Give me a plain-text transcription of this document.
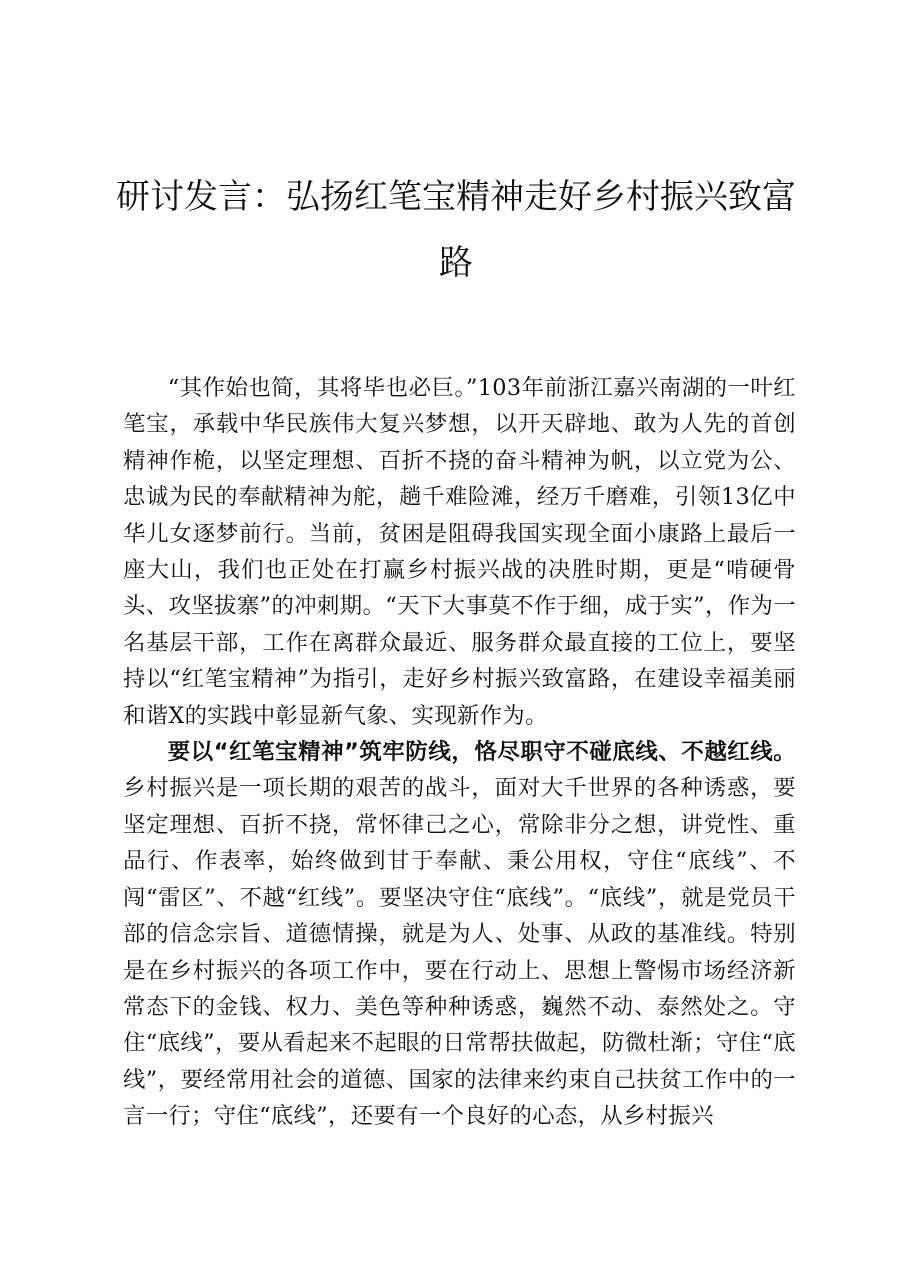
研讨发言：弘扬红笔宝精神走好乡村振兴致富路

“其作始也简，其将毕也必巨。”103年前浙江嘉兴南湖的一叶红笔宝，承载中华民族伟大复兴梦想，以开天辟地、敢为人先的首创精神作桅，以坚定理想、百折不挠的奋斗精神为帆，以立党为公、忠诚为民的奉献精神为舵，趟千难险滩，经万千磨难，引领13亿中华儿女逐梦前行。当前，贫困是阻碍我国实现全面小康路上最后一座大山，我们也正处在打赢乡村振兴战的决胜时期，更是“啃硬骨头、攻坚拔寨”的冲刺期。“天下大事莫不作于细，成于实”，作为一名基层干部，工作在离群众最近、服务群众最直接的工位上，要坚持以“红笔宝精神”为指引，走好乡村振兴致富路，在建设幸福美丽和谐X的实践中彰显新气象、实现新作为。

要以“红笔宝精神”筑牢防线，恪尽职守不碰底线、不越红线。乡村振兴是一项长期的艰苦的战斗，面对大千世界的各种诱惑，要坚定理想、百折不挠，常怀律己之心，常除非分之想，讲党性、重品行、作表率，始终做到甘于奉献、秉公用权，守住“底线”、不闯“雷区”、不越“红线”。要坚决守住“底线”。“底线”，就是党员干部的信念宗旨、道德情操，就是为人、处事、从政的基准线。特别是在乡村振兴的各项工作中，要在行动上、思想上警惕市场经济新常态下的金钱、权力、美色等种种诱惑，巍然不动、泰然处之。守住“底线”，要从看起来不起眼的日常帮扶做起，防微杜渐；守住“底线”，要经常用社会的道德、国家的法律来约束自己扶贫工作中的一言一行；守住“底线”，还要有一个良好的心态，从乡村振兴
